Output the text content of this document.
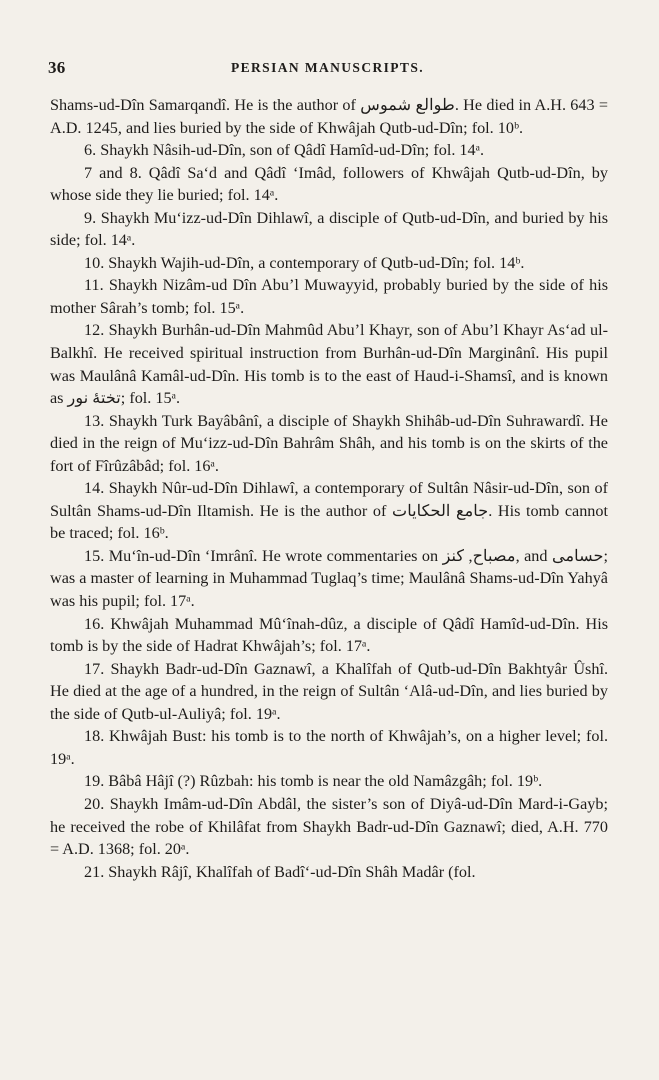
36	PERSIAN MANUSCRIPTS.

Shams-ud-Dîn Samarqandî. He is the author of طوالع شموس. He died in A.H. 643 = A.D. 1245, and lies buried by the side of Khwâjah Qutb-ud-Dîn; fol. 10ᵇ.

6. Shaykh Nâsih-ud-Dîn, son of Qâdî Hamîd-ud-Dîn; fol. 14ᵃ.

7 and 8. Qâdî Sa‘d and Qâdî ‘Imâd, followers of Khwâjah Qutb-ud-Dîn, by whose side they lie buried; fol. 14ᵃ.

9. Shaykh Mu‘izz-ud-Dîn Dihlawî, a disciple of Qutb-ud-Dîn, and buried by his side; fol. 14ᵃ.

10. Shaykh Wajih-ud-Dîn, a contemporary of Qutb-ud-Dîn; fol. 14ᵇ.

11. Shaykh Nizâm-ud Dîn Abu’l Muwayyid, probably buried by the side of his mother Sârah’s tomb; fol. 15ᵃ.

12. Shaykh Burhân-ud-Dîn Mahmûd Abu’l Khayr, son of Abu’l Khayr As‘ad ul-Balkhî. He received spiritual instruction from Burhân-ud-Dîn Marginânî. His pupil was Maulânâ Kamâl-ud-Dîn. His tomb is to the east of Haud-i-Shamsî, and is known as تختهٔ نور; fol. 15ᵃ.

13. Shaykh Turk Bayâbânî, a disciple of Shaykh Shihâb-ud-Dîn Suhrawardî. He died in the reign of Mu‘izz-ud-Dîn Bahrâm Shâh, and his tomb is on the skirts of the fort of Fîrûzâbâd; fol. 16ᵃ.

14. Shaykh Nûr-ud-Dîn Dihlawî, a contemporary of Sultân Nâsir-ud-Dîn, son of Sultân Shams-ud-Dîn Iltamish. He is the author of جامع الحکایات. His tomb cannot be traced; fol. 16ᵇ.

15. Mu‘în-ud-Dîn ‘Imrânî. He wrote commentaries on مصباح, کنز, and حسامی; was a master of learning in Muhammad Tuglaq’s time; Maulânâ Shams-ud-Dîn Yahyâ was his pupil; fol. 17ᵃ.

16. Khwâjah Muhammad Mû‘înah-dûz, a disciple of Qâdî Hamîd-ud-Dîn. His tomb is by the side of Hadrat Khwâjah’s; fol. 17ᵃ.

17. Shaykh Badr-ud-Dîn Gaznawî, a Khalîfah of Qutb-ud-Dîn Bakhtyâr Ûshî. He died at the age of a hundred, in the reign of Sultân ‘Alâ-ud-Dîn, and lies buried by the side of Qutb-ul-Auliyâ; fol. 19ᵃ.

18. Khwâjah Bust: his tomb is to the north of Khwâjah’s, on a higher level; fol. 19ᵃ.

19. Bâbâ Hâjî (?) Rûzbah: his tomb is near the old Namâzgâh; fol. 19ᵇ.

20. Shaykh Imâm-ud-Dîn Abdâl, the sister’s son of Diyâ-ud-Dîn Mard-i-Gayb; he received the robe of Khilâfat from Shaykh Badr-ud-Dîn Gaznawî; died, A.H. 770 = A.D. 1368; fol. 20ᵃ.

21. Shaykh Râjî, Khalîfah of Badî‘-ud-Dîn Shâh Madâr (fol.
